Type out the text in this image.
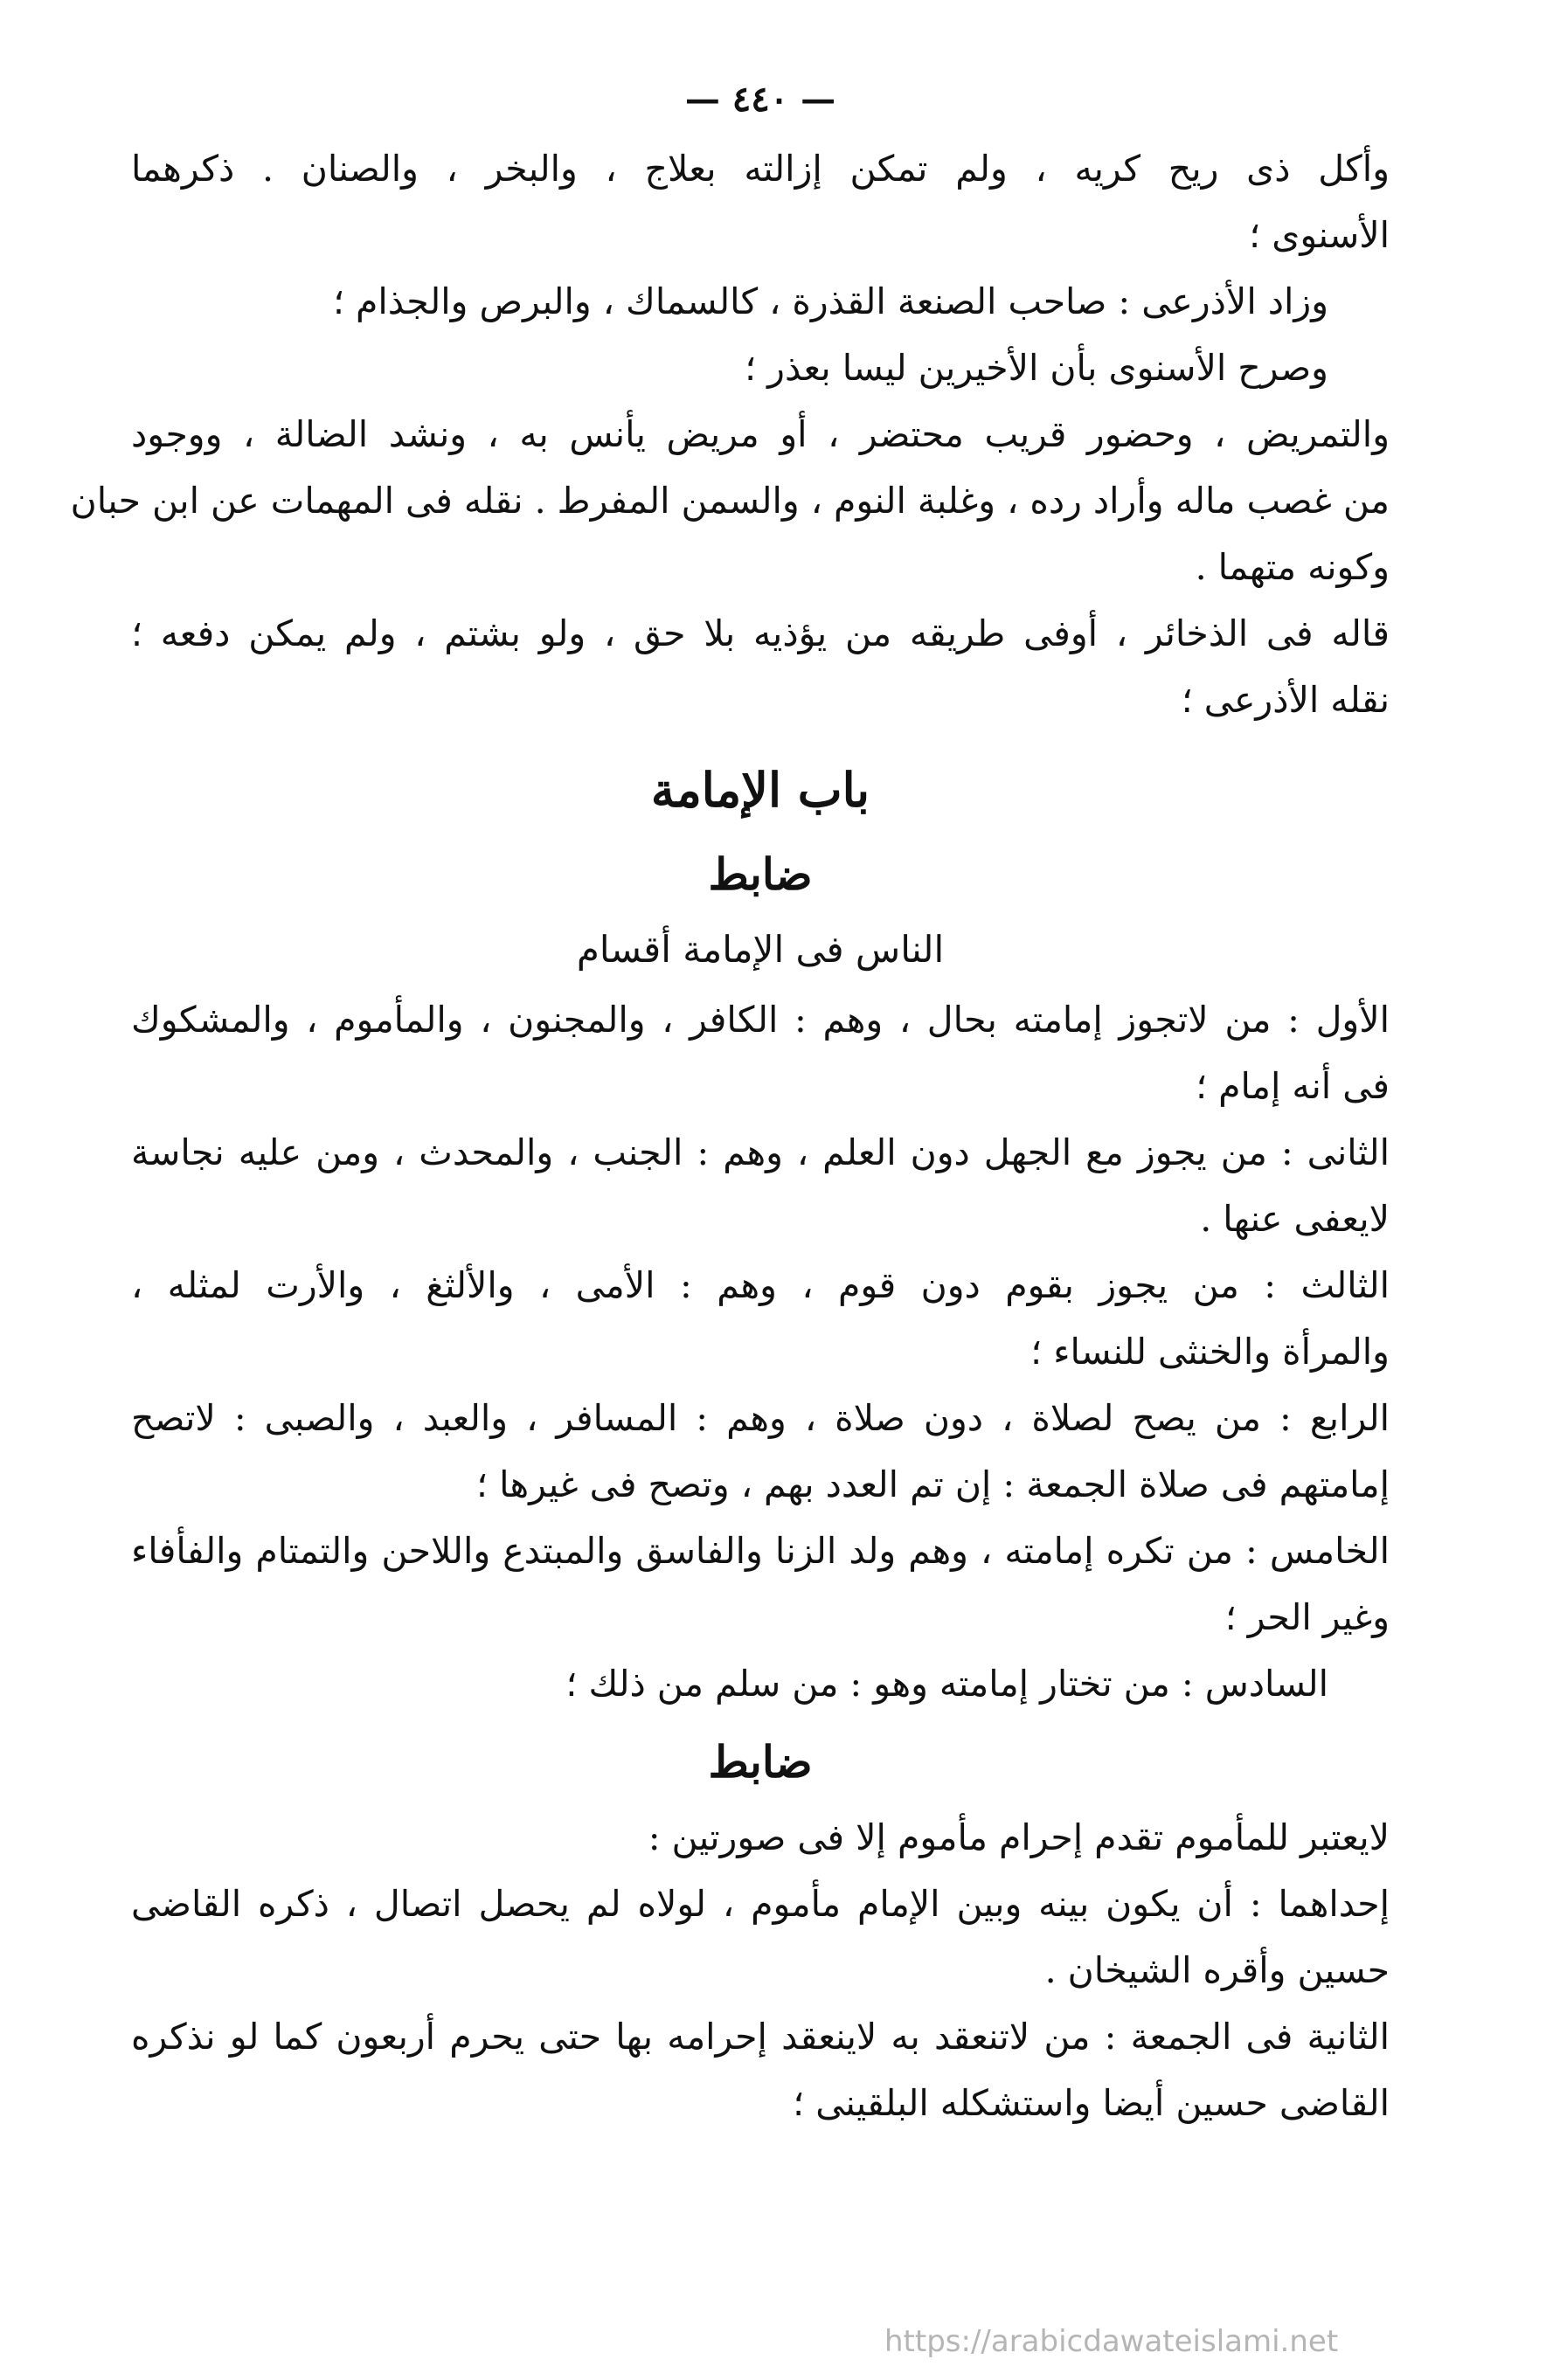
— ٤٤٠ —
وأكل ذى ريح كريه ، ولم تمكن إزالته بعلاج ، والبخر ، والصنان . ذكرهما
الأسنوى ؛
وزاد الأذرعى : صاحب الصنعة القذرة ، كالسماك ، والبرص والجذام ؛
وصرح الأسنوى بأن الأخيرين ليسا بعذر ؛
والتمريض ، وحضور قريب محتضر ، أو مريض يأنس به ، ونشد الضالة ، ووجود
من غصب ماله وأراد رده ، وغلبة النوم ، والسمن المفرط . نقله فى المهمات عن ابن حبان
وكونه متهما .
قاله فى الذخائر ، أوفى طريقه من يؤذيه بلا حق ، ولو بشتم ، ولم يمكن دفعه ؛
نقله الأذرعى ؛
باب الإمامة
ضابط
الناس فى الإمامة أقسام
الأول : من لاتجوز إمامته بحال ، وهم : الكافر ، والمجنون ، والمأموم ، والمشكوك
فى أنه إمام ؛
الثانى : من يجوز مع الجهل دون العلم ، وهم : الجنب ، والمحدث ، ومن عليه نجاسة
لايعفى عنها .
الثالث : من يجوز بقوم دون قوم ، وهم : الأمى ، والألثغ ، والأرت لمثله ،
والمرأة والخنثى للنساء ؛
الرابع : من يصح لصلاة ، دون صلاة ، وهم : المسافر ، والعبد ، والصبى : لاتصح
إمامتهم فى صلاة الجمعة : إن تم العدد بهم ، وتصح فى غيرها ؛
الخامس : من تكره إمامته ، وهم ولد الزنا والفاسق والمبتدع واللاحن والتمتام والفأفاء
وغير الحر ؛
السادس : من تختار إمامته وهو : من سلم من ذلك ؛
ضابط
لايعتبر للمأموم تقدم إحرام مأموم إلا فى صورتين :
إحداهما : أن يكون بينه وبين الإمام مأموم ، لولاه لم يحصل اتصال ، ذكره القاضى
حسين وأقره الشيخان .
الثانية فى الجمعة : من لاتنعقد به لاينعقد إحرامه بها حتى يحرم أربعون كما لو نذكره
القاضى حسين أيضا واستشكله البلقينى ؛
https://arabicdawateislami.net
